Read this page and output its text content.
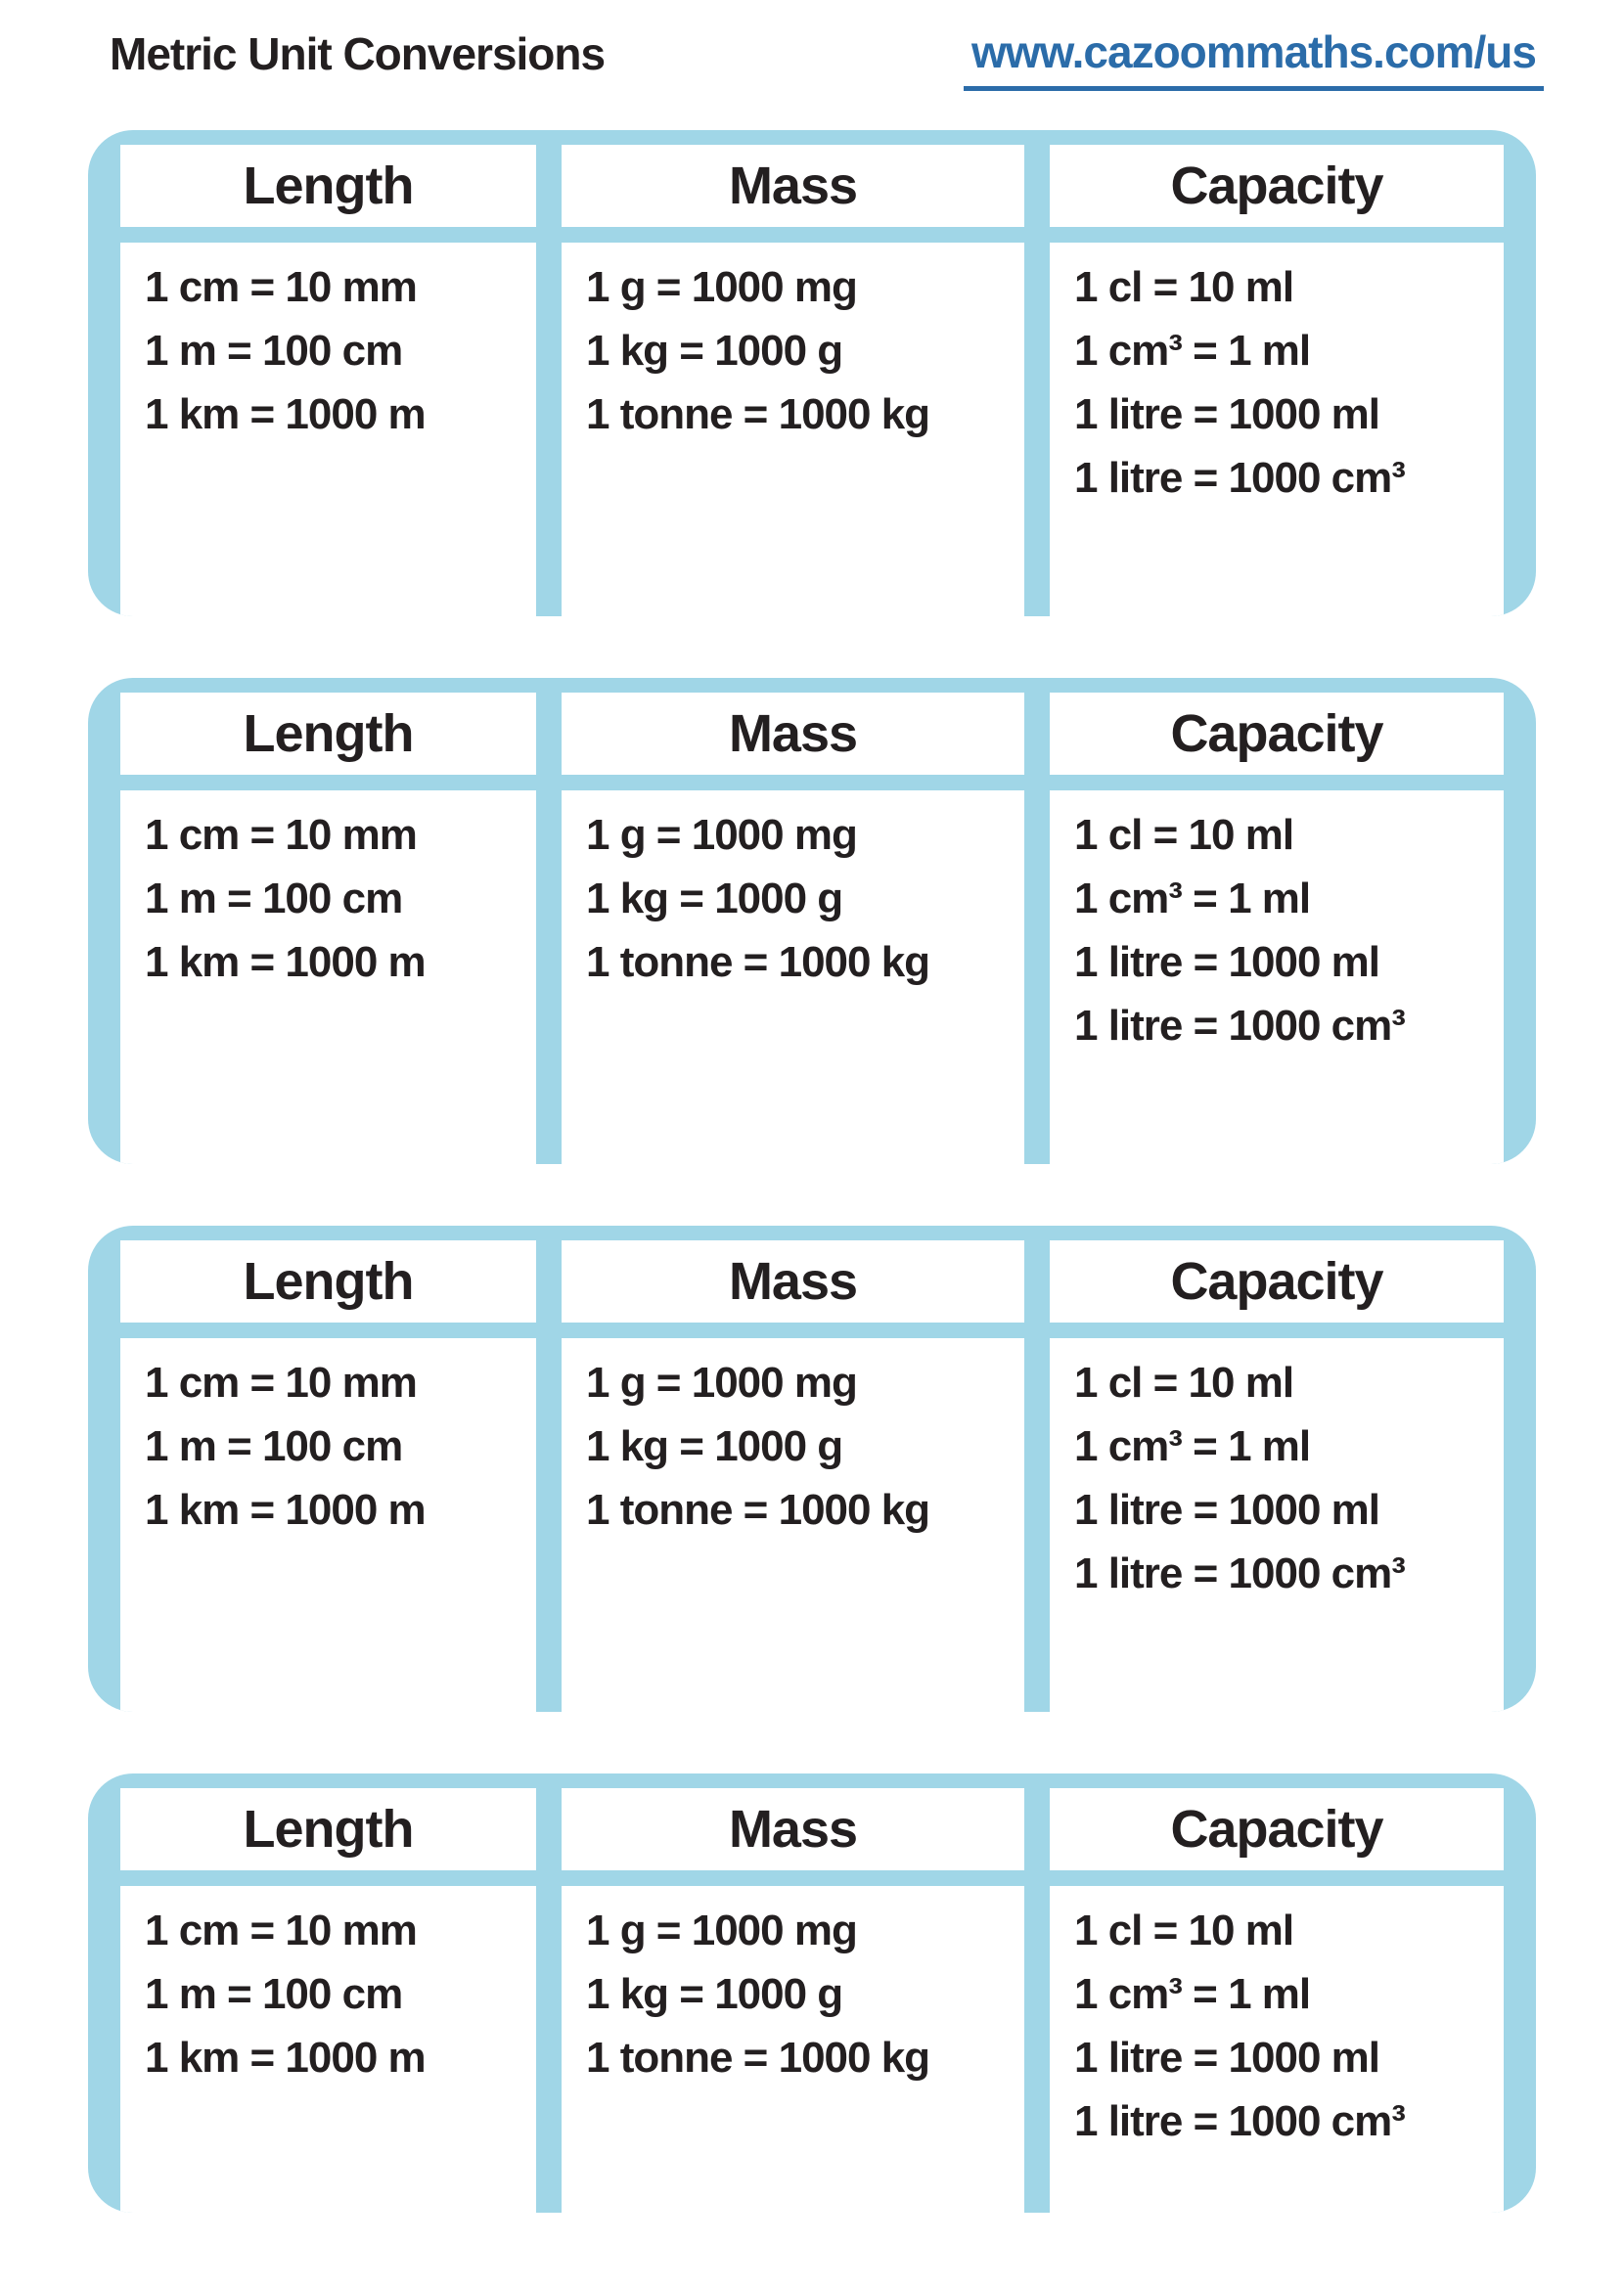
Metric Unit Conversions	www.cazoommaths.com/us
Length
1 cm = 10 mm
1 m = 100 cm
1 km = 1000 m
Mass
1 g = 1000 mg
1 kg = 1000 g
1 tonne = 1000 kg
Capacity
1 cl = 10 ml
1 cm³ = 1 ml
1 litre = 1000 ml
1 litre = 1000 cm³
Length
1 cm = 10 mm
1 m = 100 cm
1 km = 1000 m
Mass
1 g = 1000 mg
1 kg = 1000 g
1 tonne = 1000 kg
Capacity
1 cl = 10 ml
1 cm³ = 1 ml
1 litre = 1000 ml
1 litre = 1000 cm³
Length
1 cm = 10 mm
1 m = 100 cm
1 km = 1000 m
Mass
1 g = 1000 mg
1 kg = 1000 g
1 tonne = 1000 kg
Capacity
1 cl = 10 ml
1 cm³ = 1 ml
1 litre = 1000 ml
1 litre = 1000 cm³
Length
1 cm = 10 mm
1 m = 100 cm
1 km = 1000 m
Mass
1 g = 1000 mg
1 kg = 1000 g
1 tonne = 1000 kg
Capacity
1 cl = 10 ml
1 cm³ = 1 ml
1 litre = 1000 ml
1 litre = 1000 cm³
